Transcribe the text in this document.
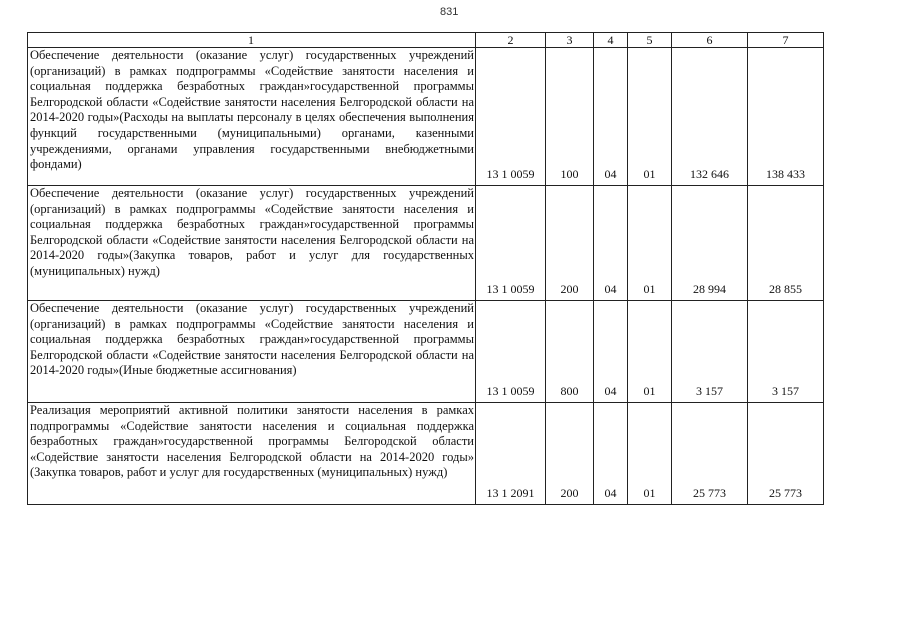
831
1	2	3	4	5	6	7
Обеспечение деятельности (оказание услуг) государственных учреждений (организаций) в рамках подпрограммы «Содействие занятости населения и социальная поддержка безработных граждан»государственной программы Белгородской области «Содействие занятости населения Белгородской области на 2014-2020 годы»(Расходы на выплаты персоналу в целях обеспечения выполнения функций государственными (муниципальными) органами, казенными учреждениями, органами управления государственными внебюджетными фондами)	13 1 0059	100	04	01	132 646	138 433
Обеспечение деятельности (оказание услуг) государственных учреждений (организаций) в рамках подпрограммы «Содействие занятости населения и социальная поддержка безработных граждан»государственной программы Белгородской области «Содействие занятости населения Белгородской области на 2014-2020 годы»(Закупка товаров, работ и услуг для государственных (муниципальных) нужд)	13 1 0059	200	04	01	28 994	28 855
Обеспечение деятельности (оказание услуг) государственных учреждений (организаций) в рамках подпрограммы «Содействие занятости населения и социальная поддержка безработных граждан»государственной программы Белгородской области «Содействие занятости населения Белгородской области на 2014-2020 годы»(Иные бюджетные ассигнования)	13 1 0059	800	04	01	3 157	3 157
Реализация мероприятий активной политики занятости населения в рамках подпрограммы «Содействие занятости населения и социальная поддержка безработных граждан»государственной программы Белгородской области «Содействие занятости населения Белгородской области на 2014-2020 годы» (Закупка товаров, работ и услуг для государственных (муниципальных) нужд)	13 1 2091	200	04	01	25 773	25 773
